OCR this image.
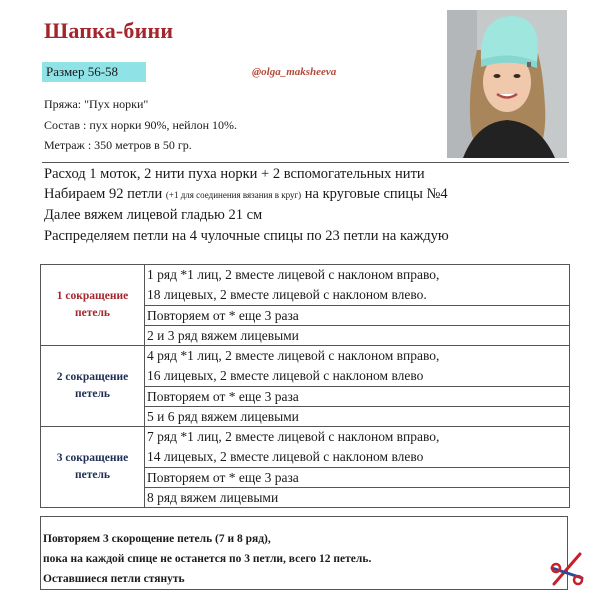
Шапка-бини
Размер 56-58	@olga_maksheeva
Пряжа: "Пух норки"
Состав : пух норки 90%, нейлон 10%.
Метраж : 350 метров в 50 гр.
Расход 1 моток, 2 нити пуха норки + 2 вспомогательных нити
Набираем 92 петли (+1 для соединения вязания в круг) на круговые спицы №4
Далее вяжем лицевой гладью 21 см
Распределяем петли на 4 чулочные спицы по 23 петли на каждую
1 сокращение петель	1 ряд *1 лиц, 2 вместе лицевой с наклоном вправо,
18 лицевых, 2 вместе лицевой с наклоном влево.
Повторяем от * еще 3 раза
2 и 3 ряд вяжем лицевыми

2 сокращение петель	4 ряд *1 лиц, 2 вместе лицевой с наклоном вправо,
16 лицевых, 2 вместе лицевой с наклоном влево
Повторяем от * еще 3 раза
5 и 6 ряд вяжем лицевыми

3 сокращение петель	7 ряд *1 лиц, 2 вместе лицевой с наклоном вправо,
14 лицевых, 2 вместе лицевой с наклоном влево
Повторяем от * еще 3 раза
8 ряд вяжем лицевыми
Повторяем 3 скорощение петель (7 и 8 ряд),
пока на каждой спице не останется по 3 петли, всего 12 петель.
Оставшиеся петли стянуть
